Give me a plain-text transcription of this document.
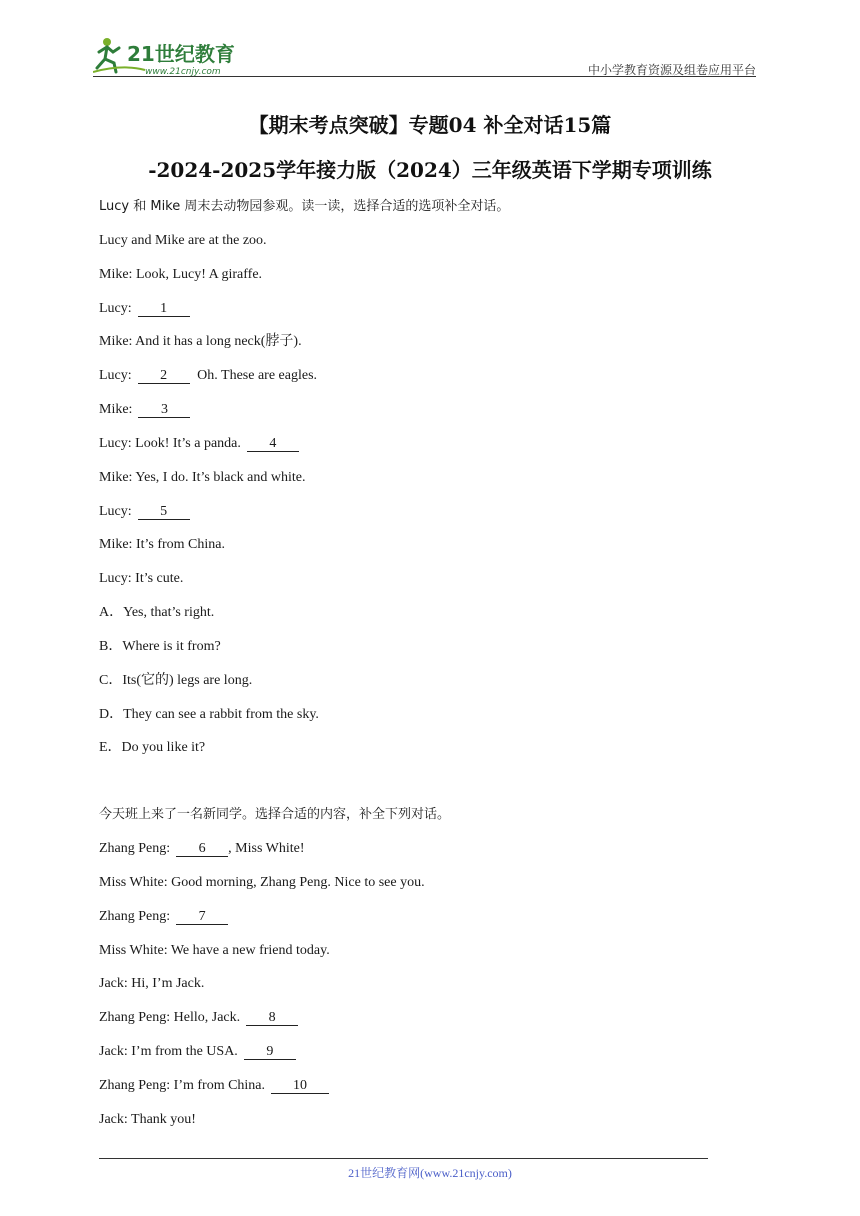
21世纪教育
www.21cnjy.com	中小学教育资源及组卷应用平台
【期末考点突破】专题04 补全对话15篇
-2024-2025学年接力版（2024）三年级英语下学期专项训练
Lucy 和 Mike 周末去动物园参观。读一读，选择合适的选项补全对话。
Lucy and Mike are at the zoo.
Mike: Look, Lucy! A giraffe.
Lucy: 1
Mike: And it has a long neck(脖子).
Lucy: 2 Oh. These are eagles.
Mike: 3
Lucy: Look! It’s a panda. 4
Mike: Yes, I do. It’s black and white.
Lucy: 5
Mike: It’s from China.
Lucy: It’s cute.
A．Yes, that’s right.
B．Where is it from?
C．Its(它的) legs are long.
D．They can see a rabbit from the sky.
E．Do you like it?
今天班上来了一名新同学。选择合适的内容，补全下列对话。
Zhang Peng: 6 , Miss White!
Miss White: Good morning, Zhang Peng. Nice to see you.
Zhang Peng: 7
Miss White: We have a new friend today.
Jack: Hi, I’m Jack.
Zhang Peng: Hello, Jack. 8
Jack: I’m from the USA. 9
Zhang Peng: I’m from China. 10
Jack: Thank you!
21世纪教育网(www.21cnjy.com)
